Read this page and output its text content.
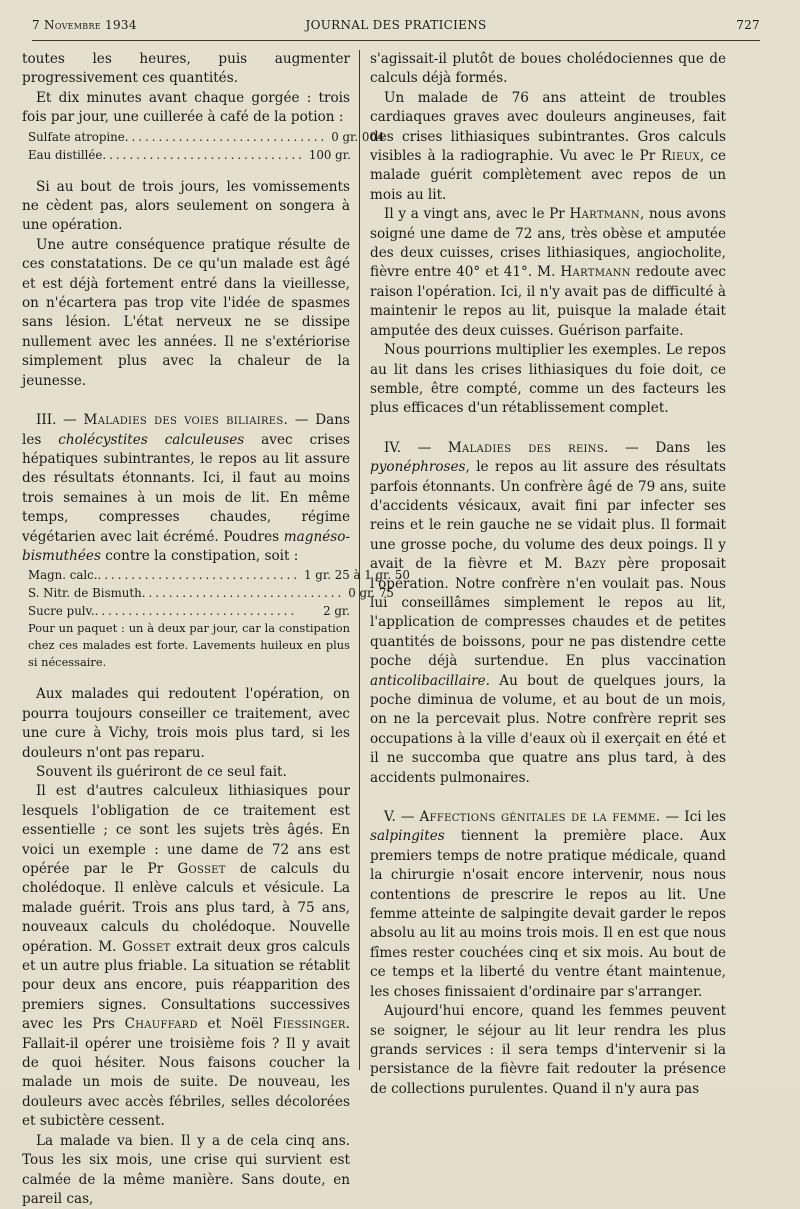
7 Novembre 1934	JOURNAL DES PRATICIENS	727

toutes les heures, puis augmenter progressivement ces quantités.

Et dix minutes avant chaque gorgée : trois fois par jour, une cuillerée à café de la potion :

Sulfate atropine .............................. 0 gr. 004
Eau distillée .............................. 100 gr.

Si au bout de trois jours, les vomissements ne cèdent pas, alors seulement on songera à une opération.

Une autre conséquence pratique résulte de ces constatations. De ce qu'un malade est âgé et est déjà fortement entré dans la vieillesse, on n'écartera pas trop vite l'idée de spasmes sans lésion. L'état nerveux ne se dissipe nullement avec les années. Il ne s'extériorise simplement plus avec la chaleur de la jeunesse.

III. — Maladies des voies biliaires. — Dans les cholécystites calculeuses avec crises hépatiques subintrantes, le repos au lit assure des résultats étonnants. Ici, il faut au moins trois semaines à un mois de lit. En même temps, compresses chaudes, régime végétarien avec lait écrémé. Poudres magnéso-bismuthées contre la constipation, soit :

Magn. calc. .............................. 1 gr. 25 à 1 gr. 50
S. Nitr. de Bismuth .............................. 0 gr. 75
Sucre pulv. ..............................	2 gr.

Pour un paquet : un à deux par jour, car la constipation chez ces malades est forte. Lavements huileux en plus si nécessaire.

Aux malades qui redoutent l'opération, on pourra toujours conseiller ce traitement, avec une cure à Vichy, trois mois plus tard, si les douleurs n'ont pas reparu.

Souvent ils guériront de ce seul fait.

Il est d'autres calculeux lithiasiques pour lesquels l'obligation de ce traitement est essentielle ; ce sont les sujets très âgés. En voici un exemple : une dame de 72 ans est opérée par le Pr Gosset de calculs du cholédoque. Il enlève calculs et vésicule. La malade guérit. Trois ans plus tard, à 75 ans, nouveaux calculs du cholédoque. Nouvelle opération. M. Gosset extrait deux gros calculs et un autre plus friable. La situation se rétablit pour deux ans encore, puis réapparition des premiers signes. Consultations successives avec les Prs Chauffard et Noël Fiessinger. Fallait-il opérer une troisième fois ? Il y avait de quoi hésiter. Nous faisons coucher la malade un mois de suite. De nouveau, les douleurs avec accès fébriles, selles décolorées et subictère cessent.

La malade va bien. Il y a de cela cinq ans. Tous les six mois, une crise qui survient est calmée de la même manière. Sans doute, en pareil cas,

s'agissait-il plutôt de boues cholédociennes que de calculs déjà formés.

Un malade de 76 ans atteint de troubles cardiaques graves avec douleurs angineuses, fait des crises lithiasiques subintrantes. Gros calculs visibles à la radiographie. Vu avec le Pr Rieux, ce malade guérit complètement avec repos de un mois au lit.

Il y a vingt ans, avec le Pr Hartmann, nous avons soigné une dame de 72 ans, très obèse et amputée des deux cuisses, crises lithiasiques, angiocholite, fièvre entre 40° et 41°. M. Hartmann redoute avec raison l'opération. Ici, il n'y avait pas de difficulté à maintenir le repos au lit, puisque la malade était amputée des deux cuisses. Guérison parfaite.

Nous pourrions multiplier les exemples. Le repos au lit dans les crises lithiasiques du foie doit, ce semble, être compté, comme un des facteurs les plus efficaces d'un rétablissement complet.

IV. — Maladies des reins. — Dans les pyonéphroses, le repos au lit assure des résultats parfois étonnants. Un confrère âgé de 79 ans, suite d'accidents vésicaux, avait fini par infecter ses reins et le rein gauche ne se vidait plus. Il formait une grosse poche, du volume des deux poings. Il y avait de la fièvre et M. Bazy père proposait l'opération. Notre confrère n'en voulait pas. Nous lui conseillâmes simplement le repos au lit, l'application de compresses chaudes et de petites quantités de boissons, pour ne pas distendre cette poche déjà surtendue. En plus vaccination anticolibacillaire. Au bout de quelques jours, la poche diminua de volume, et au bout de un mois, on ne la percevait plus. Notre confrère reprit ses occupations à la ville d'eaux où il exerçait en été et il ne succomba que quatre ans plus tard, à des accidents pulmonaires.

V. — Affections génitales de la femme. — Ici les salpingites tiennent la première place. Aux premiers temps de notre pratique médicale, quand la chirurgie n'osait encore intervenir, nous nous contentions de prescrire le repos au lit. Une femme atteinte de salpingite devait garder le repos absolu au lit au moins trois mois. Il en est que nous fîmes rester couchées cinq et six mois. Au bout de ce temps et la liberté du ventre étant maintenue, les choses finissaient d'ordinaire par s'arranger.

Aujourd'hui encore, quand les femmes peuvent se soigner, le séjour au lit leur rendra les plus grands services : il sera temps d'intervenir si la persistance de la fièvre fait redouter la présence de collections purulentes. Quand il n'y aura pas
